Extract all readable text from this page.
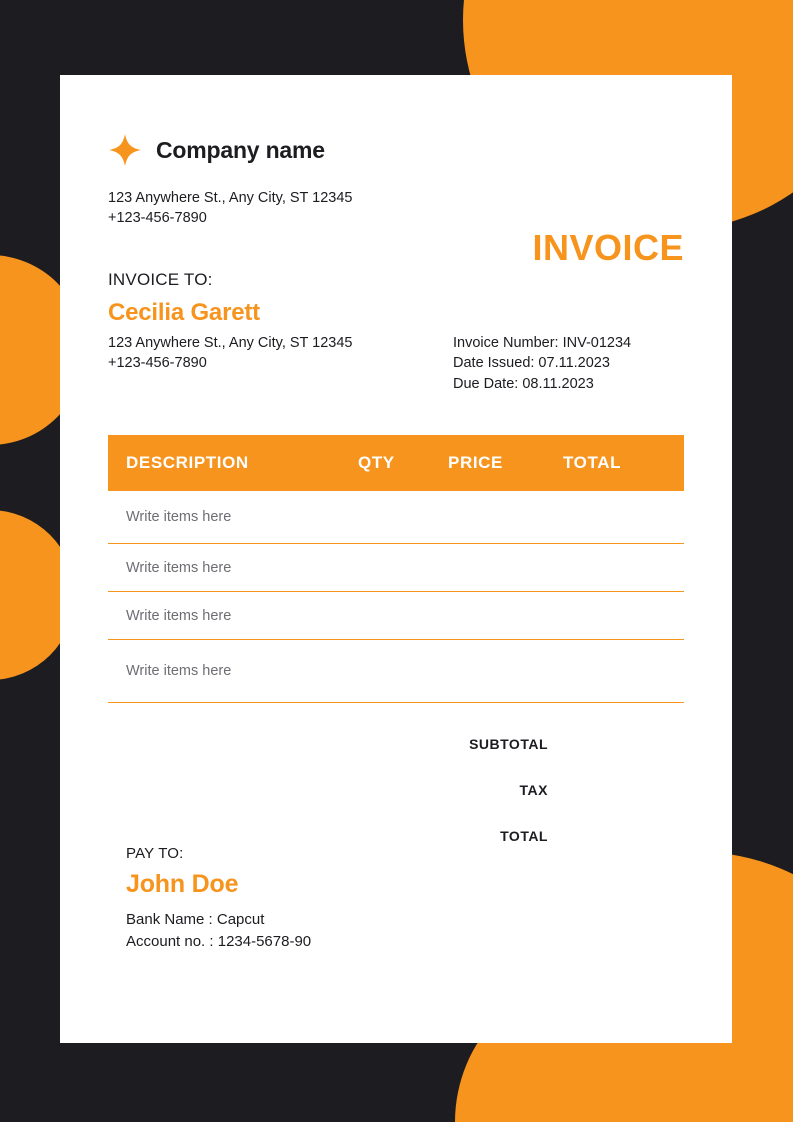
Company name
123 Anywhere St., Any City, ST 12345
+123-456-7890
INVOICE
INVOICE TO:
Cecilia Garett
123 Anywhere St., Any City, ST 12345
+123-456-7890
Invoice Number: INV-01234
Date Issued: 07.11.2023
Due Date: 08.11.2023
DESCRIPTION	QTY	PRICE	TOTAL
Write items here
Write items here
Write items here
Write items here
SUBTOTAL
TAX
TOTAL
PAY TO:
John Doe
Bank Name : Capcut
Account no. : 1234-5678-90
